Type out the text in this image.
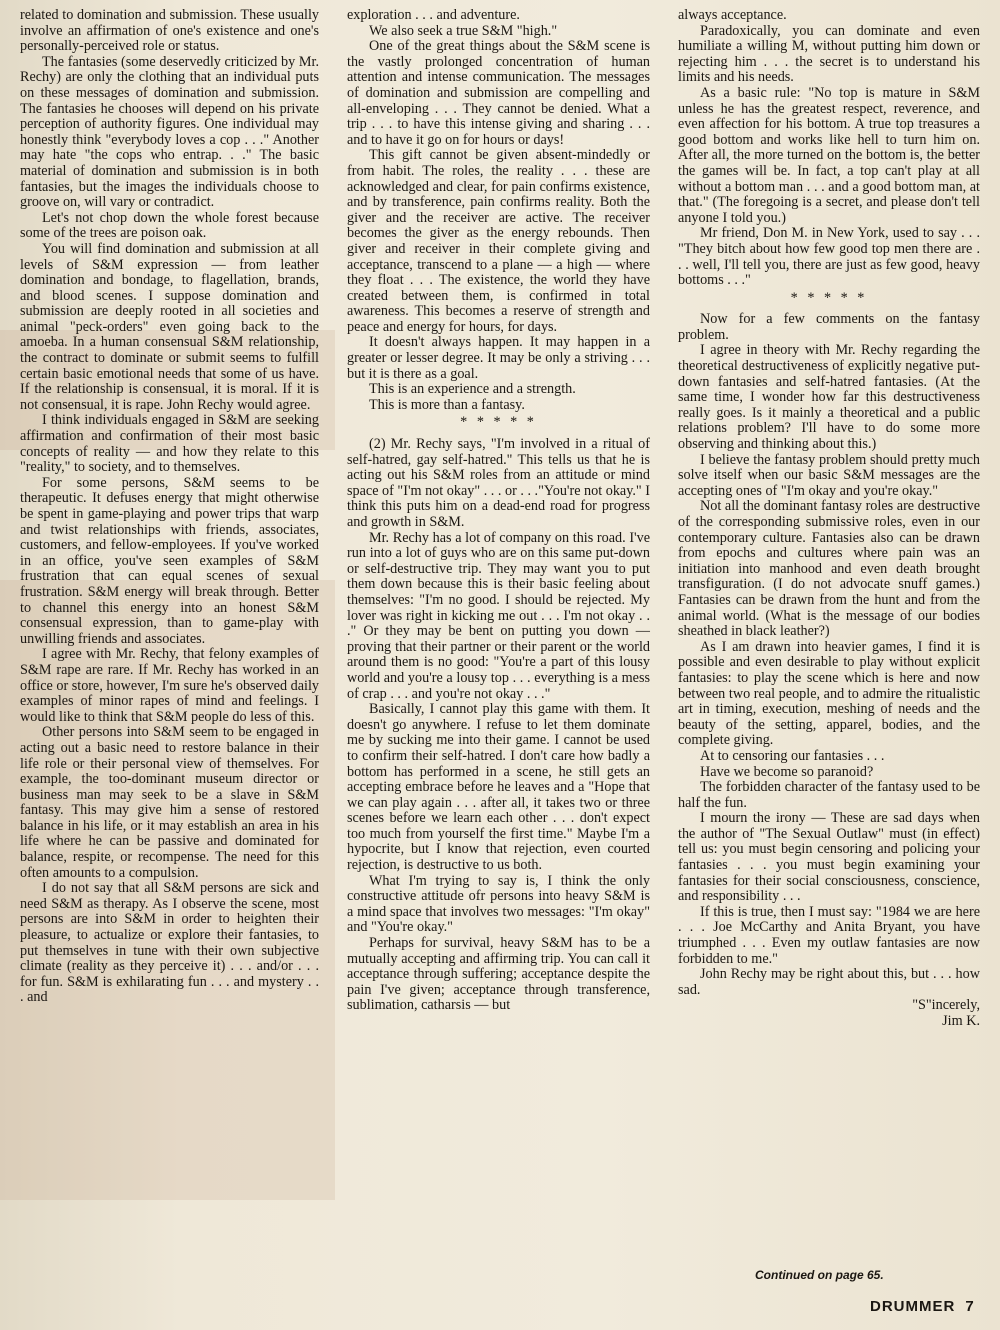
related to domination and submission. These usually involve an affirmation of one's existence and one's personally-perceived role or status.

The fantasies (some deservedly criticized by Mr. Rechy) are only the clothing that an individual puts on these messages of domination and submission. The fantasies he chooses will depend on his private perception of authority figures. One individual may honestly think "everybody loves a cop . . ." Another may hate "the cops who entrap. . ." The basic material of domination and submission is in both fantasies, but the images the individuals choose to groove on, will vary or contradict.

Let's not chop down the whole forest because some of the trees are poison oak.

You will find domination and submission at all levels of S&M expression — from leather domination and bondage, to flagellation, brands, and blood scenes. I suppose domination and submission are deeply rooted in all societies and animal "peck-orders" even going back to the amoeba. In a human consensual S&M relationship, the contract to dominate or submit seems to fulfill certain basic emotional needs that some of us have. If the relationship is consensual, it is moral. If it is not consensual, it is rape. John Rechy would agree.

I think individuals engaged in S&M are seeking affirmation and confirmation of their most basic concepts of reality — and how they relate to this "reality," to society, and to themselves.

For some persons, S&M seems to be therapeutic. It defuses energy that might otherwise be spent in game-playing and power trips that warp and twist relationships with friends, associates, customers, and fellow-employees. If you've worked in an office, you've seen examples of S&M frustration that can equal scenes of sexual frustration. S&M energy will break through. Better to channel this energy into an honest S&M consensual expression, than to game-play with unwilling friends and associates.

I agree with Mr. Rechy, that felony examples of S&M rape are rare. If Mr. Rechy has worked in an office or store, however, I'm sure he's observed daily examples of minor rapes of mind and feelings. I would like to think that S&M people do less of this.

Other persons into S&M seem to be engaged in acting out a basic need to restore balance in their life role or their personal view of themselves. For example, the too-dominant museum director or business man may seek to be a slave in S&M fantasy. This may give him a sense of restored balance in his life, or it may establish an area in his life where he can be passive and dominated for balance, respite, or recompense. The need for this often amounts to a compulsion.

I do not say that all S&M persons are sick and need S&M as therapy. As I observe the scene, most persons are into S&M in order to heighten their pleasure, to actualize or explore their fantasies, to put themselves in tune with their own subjective climate (reality as they perceive it) . . . and/or . . . for fun. S&M is exhilarating fun . . . and mystery . . . and

exploration . . . and adventure.

We also seek a true S&M "high."

One of the great things about the S&M scene is the vastly prolonged concentration of human attention and intense communication. The messages of domination and submission are compelling and all-enveloping . . . They cannot be denied. What a trip . . . to have this intense giving and sharing . . . and to have it go on for hours or days!

This gift cannot be given absent-mindedly or from habit. The roles, the reality . . . these are acknowledged and clear, for pain confirms existence, and by transference, pain confirms reality. Both the giver and the receiver are active. The receiver becomes the giver as the energy rebounds. Then giver and receiver in their complete giving and acceptance, transcend to a plane — a high — where they float . . . The existence, the world they have created between them, is confirmed in total awareness. This becomes a reserve of strength and peace and energy for hours, for days.

It doesn't always happen. It may happen in a greater or lesser degree. It may be only a striving . . . but it is there as a goal.

This is an experience and a strength.

This is more than a fantasy.

* * * * *

(2) Mr. Rechy says, "I'm involved in a ritual of self-hatred, gay self-hatred." This tells us that he is acting out his S&M roles from an attitude or mind space of "I'm not okay" . . . or . . ."You're not okay." I think this puts him on a dead-end road for progress and growth in S&M.

Mr. Rechy has a lot of company on this road. I've run into a lot of guys who are on this same put-down or self-destructive trip. They may want you to put them down because this is their basic feeling about themselves: "I'm no good. I should be rejected. My lover was right in kicking me out . . . I'm not okay . . ." Or they may be bent on putting you down — proving that their partner or their parent or the world around them is no good: "You're a part of this lousy world and you're a lousy top . . . everything is a mess of crap . . . and you're not okay . . ."

Basically, I cannot play this game with them. It doesn't go anywhere. I refuse to let them dominate me by sucking me into their game. I cannot be used to confirm their self-hatred. I don't care how badly a bottom has performed in a scene, he still gets an accepting embrace before he leaves and a "Hope that we can play again . . . after all, it takes two or three scenes before we learn each other . . . don't expect too much from yourself the first time." Maybe I'm a hypocrite, but I know that rejection, even courted rejection, is destructive to us both.

What I'm trying to say is, I think the only constructive attitude ofr persons into heavy S&M is a mind space that involves two messages: "I'm okay" and "You're okay."

Perhaps for survival, heavy S&M has to be a mutually accepting and affirming trip. You can call it acceptance through suffering; acceptance despite the pain I've given; acceptance through transference, sublimation, catharsis — but

always acceptance.

Paradoxically, you can dominate and even humiliate a willing M, without putting him down or rejecting him . . . the secret is to understand his limits and his needs.

As a basic rule: "No top is mature in S&M unless he has the greatest respect, reverence, and even affection for his bottom. A true top treasures a good bottom and works like hell to turn him on. After all, the more turned on the bottom is, the better the games will be. In fact, a top can't play at all without a bottom man . . . and a good bottom man, at that." (The foregoing is a secret, and please don't tell anyone I told you.)

Mr friend, Don M. in New York, used to say . . . "They bitch about how few good top men there are . . . well, I'll tell you, there are just as few good, heavy bottoms . . ."

* * * * *

Now for a few comments on the fantasy problem.

I agree in theory with Mr. Rechy regarding the theoretical destructiveness of explicitly negative put-down fantasies and self-hatred fantasies. (At the same time, I wonder how far this destructiveness really goes. Is it mainly a theoretical and a public relations problem? I'll have to do some more observing and thinking about this.)

I believe the fantasy problem should pretty much solve itself when our basic S&M messages are the accepting ones of "I'm okay and you're okay."

Not all the dominant fantasy roles are destructive of the corresponding submissive roles, even in our contemporary culture. Fantasies also can be drawn from epochs and cultures where pain was an initiation into manhood and even death brought transfiguration. (I do not advocate snuff games.) Fantasies can be drawn from the hunt and from the animal world. (What is the message of our bodies sheathed in black leather?)

As I am drawn into heavier games, I find it is possible and even desirable to play without explicit fantasies: to play the scene which is here and now between two real people, and to admire the ritualistic art in timing, execution, meshing of needs and the beauty of the setting, apparel, bodies, and the complete giving.

At to censoring our fantasies . . .

Have we become so paranoid?

The forbidden character of the fantasy used to be half the fun.

I mourn the irony — These are sad days when the author of "The Sexual Outlaw" must (in effect) tell us: you must begin censoring and policing your fantasies . . . you must begin examining your fantasies for their social consciousness, conscience, and responsibility . . .

If this is true, then I must say: "1984 we are here . . . Joe McCarthy and Anita Bryant, you have triumphed . . . Even my outlaw fantasies are now forbidden to me."

John Rechy may be right about this, but . . . how sad.

"S"incerely,

Jim K.

Continued on page 65.
DRUMMER 7
